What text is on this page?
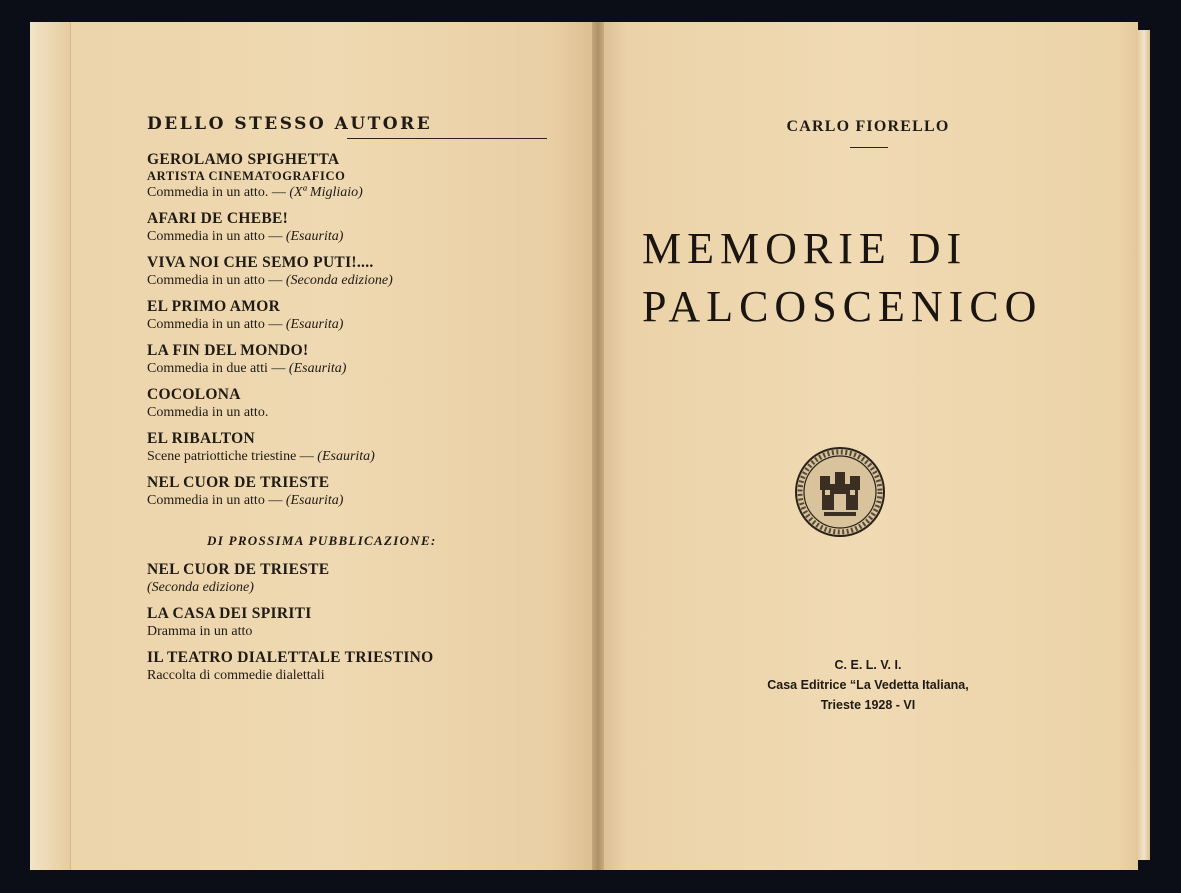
DELLO STESSO AUTORE
GEROLAMO SPIGHETTA
ARTISTA CINEMATOGRAFICO
Commedia in un atto. — (Xª Migliaio)
AFARI DE CHEBE!
Commedia in un atto — (Esaurita)
VIVA NOI CHE SEMO PUTI!....
Commedia in un atto — (Seconda edizione)
EL PRIMO AMOR
Commedia in un atto — (Esaurita)
LA FIN DEL MONDO!
Commedia in due atti — (Esaurita)
COCOLONA
Commedia in un atto.
EL RIBALTON
Scene patriottiche triestine — (Esaurita)
NEL CUOR DE TRIESTE
Commedia in un atto — (Esaurita)
DI PROSSIMA PUBBLICAZIONE:
NEL CUOR DE TRIESTE
(Seconda edizione)
LA CASA DEI SPIRITI
Dramma in un atto
IL TEATRO DIALETTALE TRIESTINO
Raccolta di commedie dialettali
CARLO FIORELLO
MEMORIE DI
PALCOSCENICO
C. E. L. V. I.
Casa Editrice “La Vedetta Italiana,
Trieste 1928 - VI
